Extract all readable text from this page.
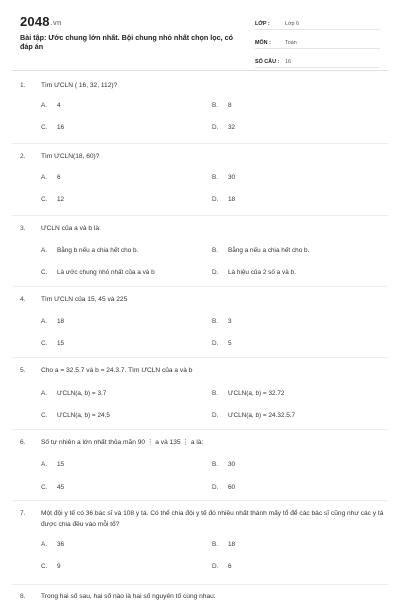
2048.vn
Bài tập: Ước chung lớn nhất. Bội chung nhỏ nhất chọn lọc, có đáp án
LỚP :	Lớp 6
MÔN :	Toán
SỐ CÂU :	16
1.	Tìm ƯCLN ( 16, 32, 112)?
A.	4	B.	8
C.	16	D.	32
2.	Tìm ƯCLN(18, 60)?
A.	6	B.	30
C.	12	D.	18
3.	ƯCLN của a và b là:
A.	Bằng b nếu a chia hết cho b.	B.	Bằng a nếu a chia hết cho b.
C.	Là ước chung nhỏ nhất của a và b	D.	Là hiệu của 2 số a và b.
4.	Tìm ƯCLN của 15, 45 và 225
A.	18	B.	3
C.	15	D.	5
5.	Cho a = 32.5.7 và b = 24.3.7. Tìm ƯCLN của a và b
A.	ƯCLN(a, b) = 3.7	B.	ƯCLN(a, b) = 32.72
C.	ƯCLN(a, b) = 24.5	D.	ƯCLN(a, b) = 24.32.5.7
6.	Số tự nhiên a lớn nhất thỏa mãn 90 ⋮ a và 135 ⋮ a là:
A.	15	B.	30
C.	45	D.	60
7.	Một đội y tế có 36 bác sĩ và 108 y tá. Có thể chia đội y tế đó nhiều nhất thành mấy tổ để các bác sĩ cũng như các y tá được chia đều vào mỗi tổ?
A.	36	B.	18
C.	9	D.	6
8.	Trong hai số sau, hai số nào là hai số nguyên tố cùng nhau:
